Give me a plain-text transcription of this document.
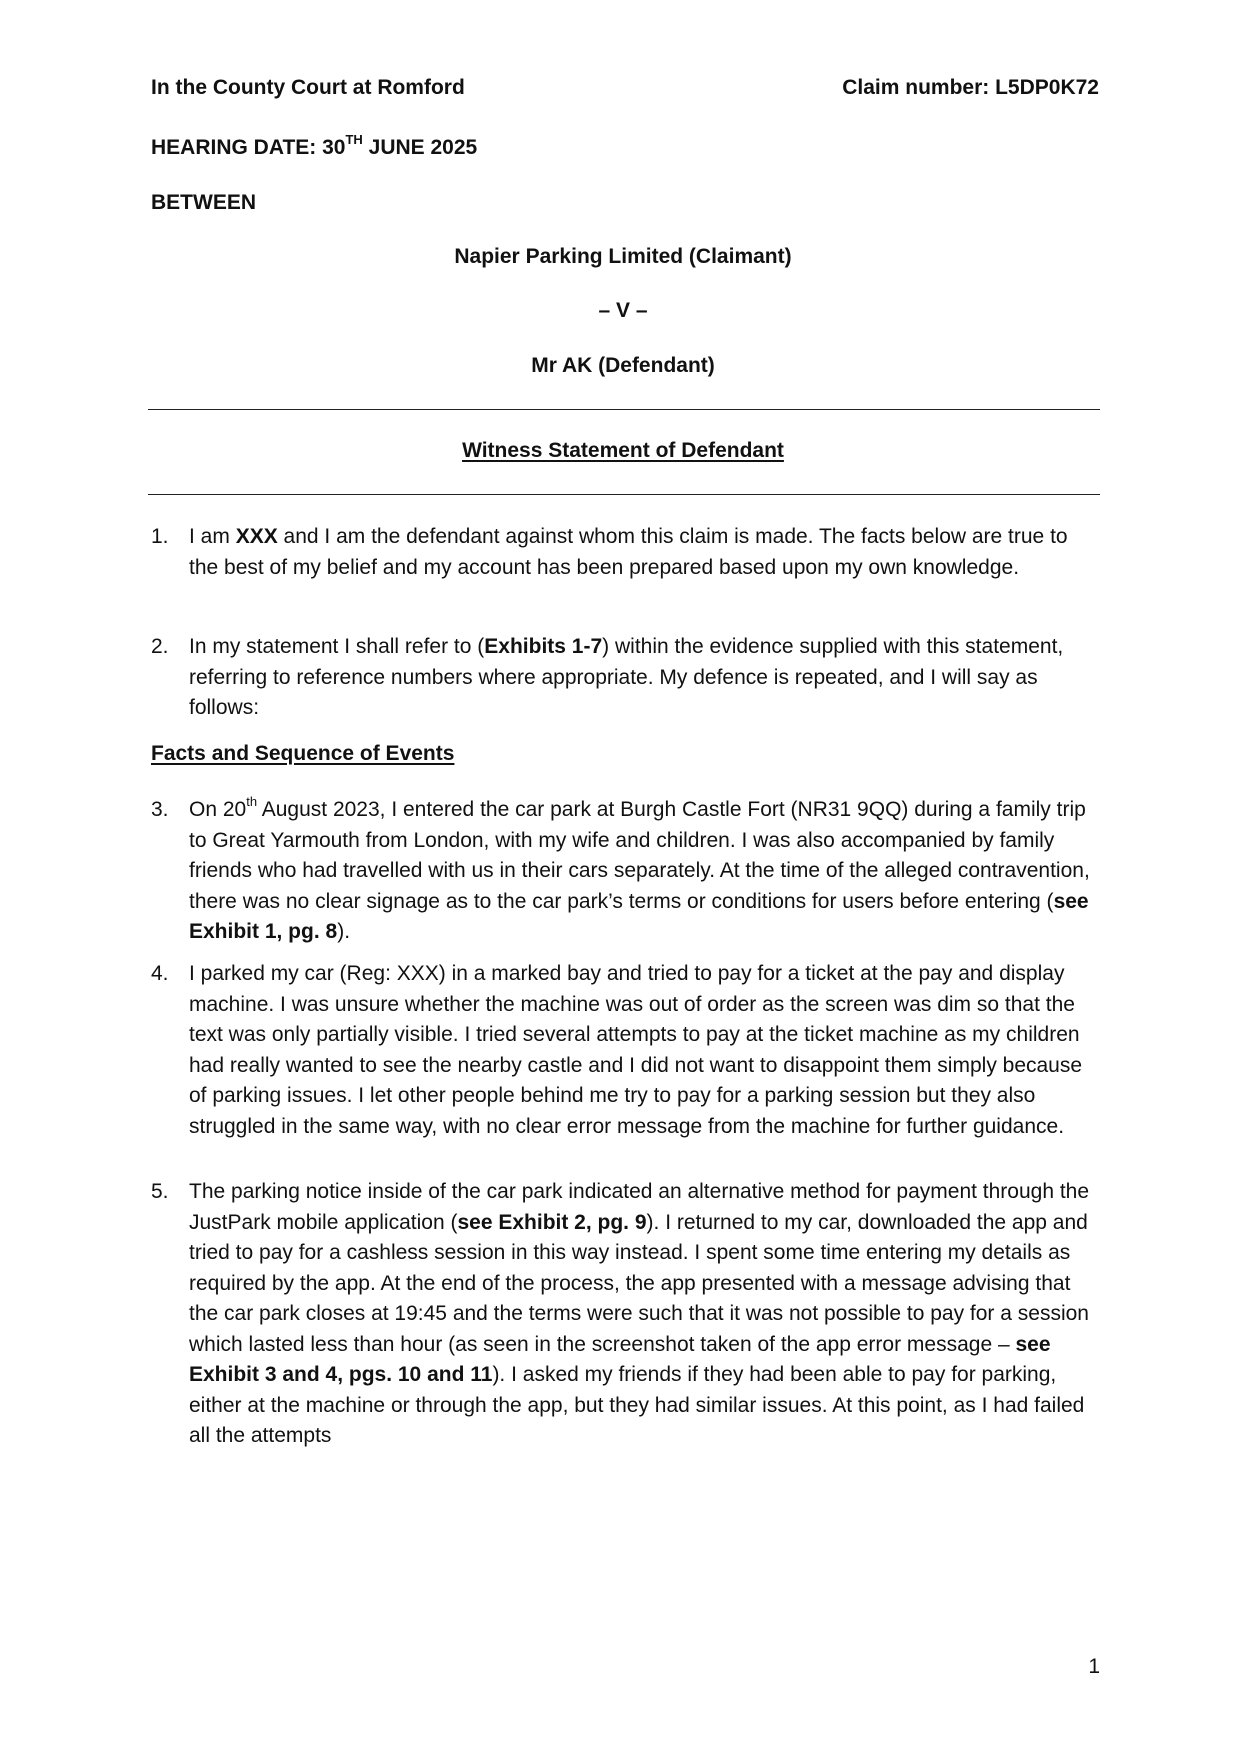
In the County Court at Romford	Claim number: L5DP0K72
HEARING DATE: 30TH JUNE 2025
BETWEEN
Napier Parking Limited (Claimant)
– V –
Mr AK (Defendant)
Witness Statement of Defendant
1. I am XXX and I am the defendant against whom this claim is made. The facts below are true to the best of my belief and my account has been prepared based upon my own knowledge.
2. In my statement I shall refer to (Exhibits 1-7) within the evidence supplied with this statement, referring to reference numbers where appropriate. My defence is repeated, and I will say as follows:
Facts and Sequence of Events
3. On 20th August 2023, I entered the car park at Burgh Castle Fort (NR31 9QQ) during a family trip to Great Yarmouth from London, with my wife and children. I was also accompanied by family friends who had travelled with us in their cars separately. At the time of the alleged contravention, there was no clear signage as to the car park’s terms or conditions for users before entering (see Exhibit 1, pg. 8).
4. I parked my car (Reg: XXX) in a marked bay and tried to pay for a ticket at the pay and display machine. I was unsure whether the machine was out of order as the screen was dim so that the text was only partially visible. I tried several attempts to pay at the ticket machine as my children had really wanted to see the nearby castle and I did not want to disappoint them simply because of parking issues. I let other people behind me try to pay for a parking session but they also struggled in the same way, with no clear error message from the machine for further guidance.
5. The parking notice inside of the car park indicated an alternative method for payment through the JustPark mobile application (see Exhibit 2, pg. 9). I returned to my car, downloaded the app and tried to pay for a cashless session in this way instead. I spent some time entering my details as required by the app. At the end of the process, the app presented with a message advising that the car park closes at 19:45 and the terms were such that it was not possible to pay for a session which lasted less than hour (as seen in the screenshot taken of the app error message – see Exhibit 3 and 4, pgs. 10 and 11). I asked my friends if they had been able to pay for parking, either at the machine or through the app, but they had similar issues. At this point, as I had failed all the attempts
1
